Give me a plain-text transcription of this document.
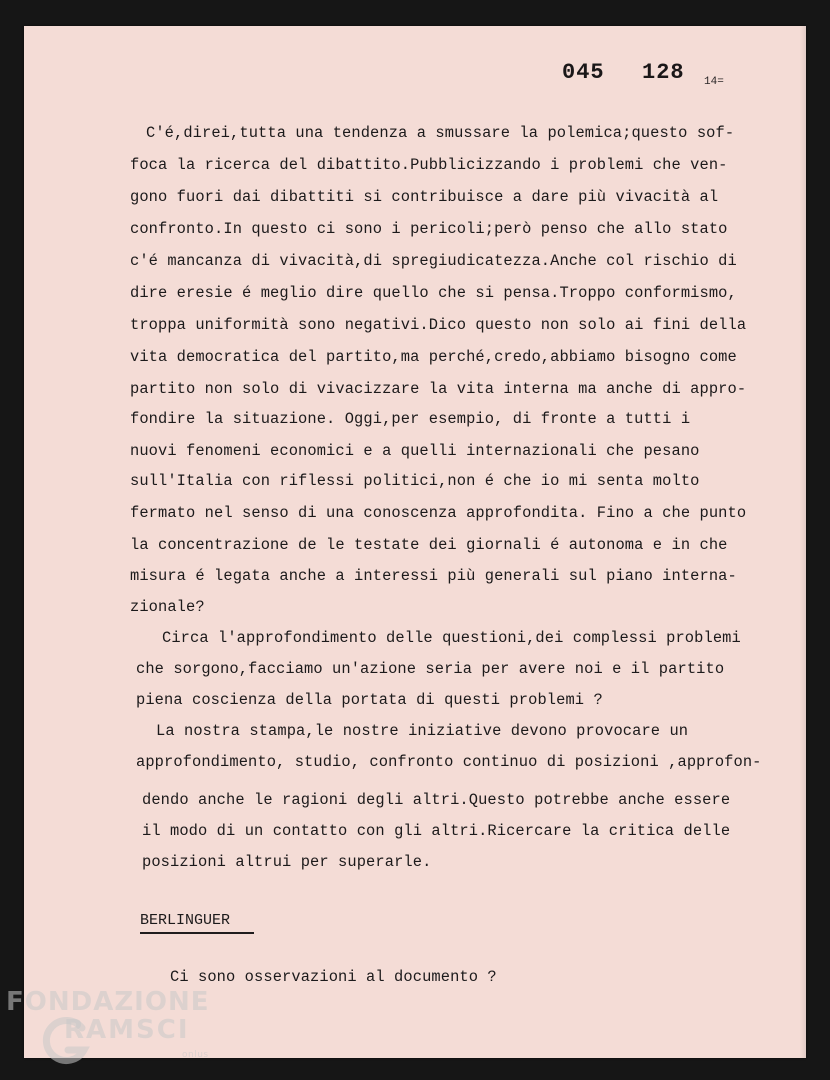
045 128 14=
C'é,direi,tutta una tendenza a smussare la polemica;questo sof-
foca la ricerca del dibattito.Pubblicizzando i problemi che ven-
gono fuori dai dibattiti si contribuisce a dare più vivacità al
confronto.In questo ci sono i pericoli;però penso che allo stato
c'é mancanza di vivacità,di spregiudicatezza.Anche col rischio di
dire eresie é meglio dire quello che si pensa.Troppo conformismo,
troppa uniformità sono negativi.Dico questo non solo ai fini della
vita democratica del partito,ma perché,credo,abbiamo bisogno come
partito non solo di vivacizzare la vita interna ma anche di appro-
fondire la situazione. Oggi,per esempio, di fronte a tutti i
nuovi fenomeni economici e a quelli internazionali che pesano
sull'Italia con riflessi politici,non é che io mi senta molto
fermato nel senso di una conoscenza approfondita. Fino a che punto
la concentrazione de le testate dei giornali é autonoma e in che
misura é legata anche a interessi più generali sul piano interna-
zionale?
Circa l'approfondimento delle questioni,dei complessi problemi
che sorgono,facciamo un'azione seria per avere noi e il partito
piena coscienza della portata di questi problemi ?
La nostra stampa,le nostre iniziative devono provocare un
approfondimento, studio, confronto continuo di posizioni ,approfon-
dendo anche le ragioni degli altri.Questo potrebbe anche essere
il modo di un contatto con gli altri.Ricercare la critica delle
posizioni altrui per superarle.
BERLINGUER
Ci sono osservazioni al documento ?
FONDAZIONE
RAMSCI
onlus
